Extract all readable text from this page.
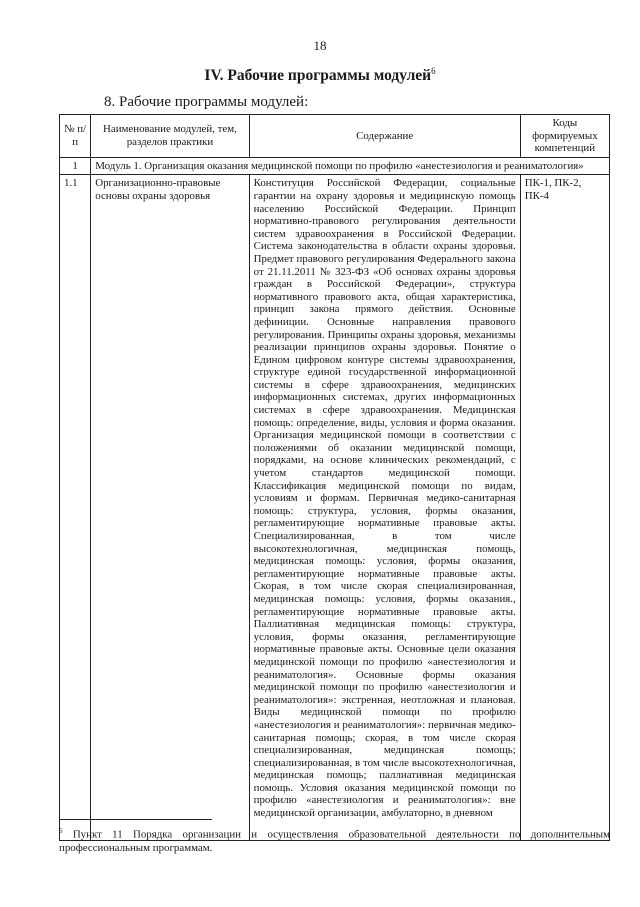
18
IV. Рабочие программы модулей$^6$
8. Рабочие программы модулей:
№ п/п	Наименование модулей, тем, разделов практики	Содержание	Коды формируемых компетенций
1	Модуль 1. Организация оказания медицинской помощи по профилю «анестезиология и реаниматология»		
1.1	Организационно-правовые основы охраны здоровья	Конституция Российской Федерации, социальные гарантии на охрану здоровья и медицинскую помощь населению Российской Федерации. Принцип нормативно-правового регулирования деятельности систем здравоохранения в Российской Федерации. Система законодательства в области охраны здоровья. Предмет правового регулирования Федерального закона от 21.11.2011 № 323-ФЗ «Об основах охраны здоровья граждан в Российской Федерации», структура нормативного правового акта, общая характеристика, принцип закона прямого действия. Основные дефиниции. Основные направления правового регулирования. Принципы охраны здоровья, механизмы реализации принципов охраны здоровья. Понятие о Едином цифровом контуре системы здравоохранения, структуре единой государственной информационной системы в сфере здравоохранения, медицинских информационных системах, других информационных системах в сфере здравоохранения. Медицинская помощь: определение, виды, условия и форма оказания. Организация медицинской помощи в соответствии с положениями об оказании медицинской помощи, порядками, на основе клинических рекомендаций, с учетом стандартов медицинской помощи. Классификация медицинской помощи по видам, условиям и формам. Первичная медико-санитарная помощь: структура, условия, формы оказания, регламентирующие нормативные правовые акты. Специализированная, в том числе высокотехнологичная, медицинская помощь, медицинская помощь: условия, формы оказания, регламентирующие нормативные правовые акты. Скорая, в том числе скорая специализированная, медицинская помощь: условия, формы оказания., регламентирующие нормативные правовые акты. Паллиативная медицинская помощь: структура, условия, формы оказания, регламентирующие нормативные правовые акты. Основные цели оказания медицинской помощи по профилю «анестезиология и реаниматология». Основные формы оказания медицинской помощи по профилю «анестезиология и реаниматология»: экстренная, неотложная и плановая. Виды медицинской помощи по профилю «анестезиология и реаниматология»: первичная медико-санитарная помощь; скорая, в том числе скорая специализированная, медицинская помощь; специализированная, в том числе высокотехнологичная, медицинская помощь; паллиативная медицинская помощь. Условия оказания медицинской помощи по профилю «анестезиология и реаниматология»: вне медицинской организации, амбулаторно, в дневном	ПК-1, ПК-2, ПК-4
$^6$ Пункт 11 Порядка организации и осуществления образовательной деятельности по дополнительным профессиональным программам.
